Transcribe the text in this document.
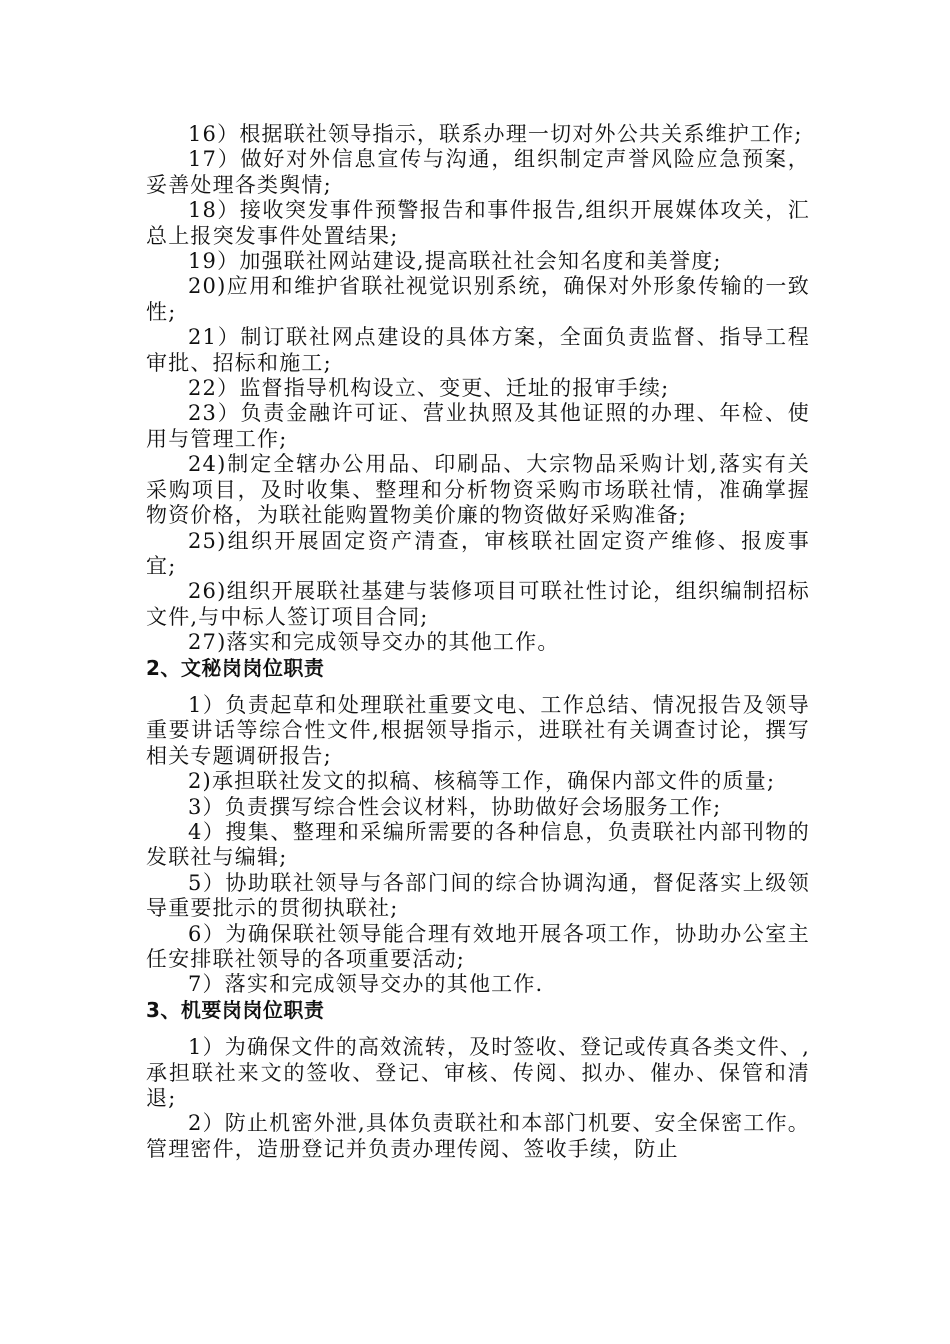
16）根据联社领导指示，联系办理一切对外公共关系维护工作;

17）做好对外信息宣传与沟通，组织制定声誉风险应急预案，妥善处理各类舆情;

18）接收突发事件预警报告和事件报告,组织开展媒体攻关，汇总上报突发事件处置结果;

19）加强联社网站建设,提高联社社会知名度和美誉度;

20)应用和维护省联社视觉识别系统，确保对外形象传输的一致性;

21）制订联社网点建设的具体方案，全面负责监督、指导工程审批、招标和施工;

22）监督指导机构设立、变更、迁址的报审手续;

23）负责金融许可证、营业执照及其他证照的办理、年检、使用与管理工作;

24)制定全辖办公用品、印刷品、大宗物品采购计划,落实有关采购项目，及时收集、整理和分析物资采购市场联社情，准确掌握物资价格，为联社能购置物美价廉的物资做好采购准备;

25)组织开展固定资产清查，审核联社固定资产维修、报废事宜;

26)组织开展联社基建与装修项目可联社性讨论，组织编制招标文件,与中标人签订项目合同;

27)落实和完成领导交办的其他工作。

2、文秘岗岗位职责

1）负责起草和处理联社重要文电、工作总结、情况报告及领导重要讲话等综合性文件,根据领导指示，进联社有关调查讨论，撰写相关专题调研报告;

2)承担联社发文的拟稿、核稿等工作，确保内部文件的质量;

3）负责撰写综合性会议材料，协助做好会场服务工作;

4）搜集、整理和采编所需要的各种信息，负责联社内部刊物的发联社与编辑;

5）协助联社领导与各部门间的综合协调沟通，督促落实上级领导重要批示的贯彻执联社;

6）为确保联社领导能合理有效地开展各项工作，协助办公室主任安排联社领导的各项重要活动;

7）落实和完成领导交办的其他工作.

3、机要岗岗位职责

1）为确保文件的高效流转，及时签收、登记或传真各类文件、,承担联社来文的签收、登记、审核、传阅、拟办、催办、保管和清退;

2）防止机密外泄,具体负责联社和本部门机要、安全保密工作。管理密件，造册登记并负责办理传阅、签收手续，防止
